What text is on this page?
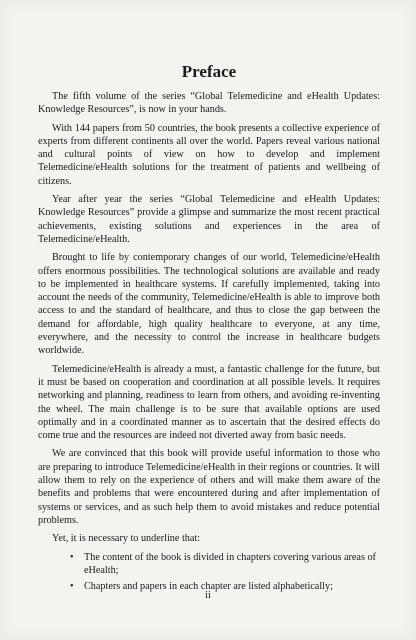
Preface

The fifth volume of the series “Global Telemedicine and eHealth Updates: Knowledge Resources”, is now in your hands.

With 144 papers from 50 countries, the book presents a collective experience of experts from different continents all over the world. Papers reveal various national and cultural points of view on how to develop and implement Telemedicine/eHealth solutions for the treatment of patients and wellbeing of citizens.

Year after year the series “Global Telemedicine and eHealth Updates: Knowledge Resources” provide a glimpse and summarize the most recent practical achievements, existing solutions and experiences in the area of Telemedicine/eHealth.

Brought to life by contemporary changes of our world, Telemedicine/eHealth offers enormous possibilities. The technological solutions are available and ready to be implemented in healthcare systems. If carefully implemented, taking into account the needs of the community, Telemedicine/eHealth is able to improve both access to and the standard of healthcare, and thus to close the gap between the demand for affordable, high quality healthcare to everyone, at any time, everywhere, and the necessity to control the increase in healthcare budgets worldwide.

Telemedicine/eHealth is already a must, a fantastic challenge for the future, but it must be based on cooperation and coordination at all possible levels. It requires networking and planning, readiness to learn from others, and avoiding re-inventing the wheel. The main challenge is to be sure that available options are used optimally and in a coordinated manner as to ascertain that the desired effects do come true and the resources are indeed not diverted away from basic needs.

We are convinced that this book will provide useful information to those who are preparing to introduce Telemedicine/eHealth in their regions or countries. It will allow them to rely on the experience of others and will make them aware of the benefits and problems that were encountered during and after implementation of systems or services, and as such help them to avoid mistakes and reduce potential problems.

Yet, it is necessary to underline that:

• The content of the book is divided in chapters covering various areas of eHealth;
• Chapters and papers in each chapter are listed alphabetically;
ii
